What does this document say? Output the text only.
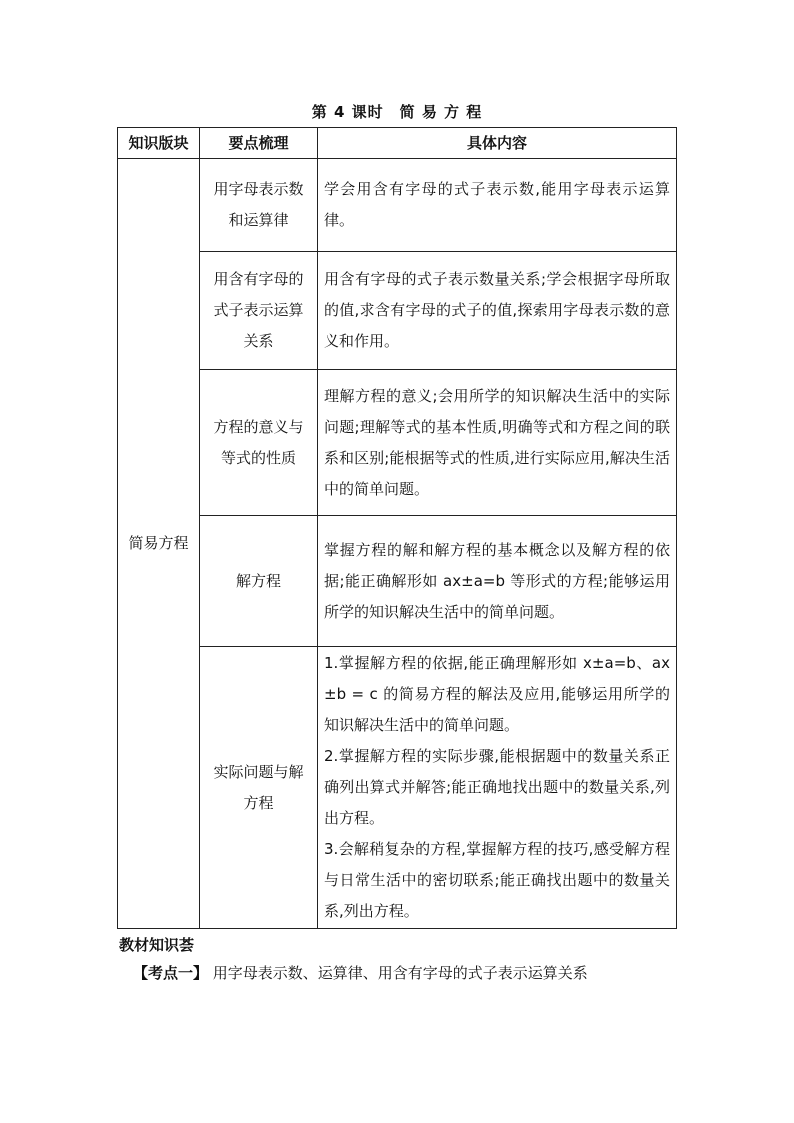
第 4 课时　简 易 方 程
知识版块	要点梳理	具体内容
简易方程	用字母表示数和运算律	学会用含有字母的式子表示数,能用字母表示运算律。

	用含有字母的式子表示运算关系	用含有字母的式子表示数量关系;学会根据字母所取的值,求含有字母的式子的值,探索用字母表示数的意义和作用。

	方程的意义与等式的性质	理解方程的意义;会用所学的知识解决生活中的实际问题;理解等式的基本性质,明确等式和方程之间的联系和区别;能根据等式的性质,进行实际应用,解决生活中的简单问题。

	解方程	掌握方程的解和解方程的基本概念以及解方程的依据;能正确解形如 ax±a=b 等形式的方程;能够运用所学的知识解决生活中的简单问题。

	实际问题与解方程	1.掌握解方程的依据,能正确理解形如 x±a=b、ax±b = c 的简易方程的解法及应用,能够运用所学的知识解决生活中的简单问题。

2.掌握解方程的实际步骤,能根据题中的数量关系正确列出算式并解答;能正确地找出题中的数量关系,列出方程。

3.会解稍复杂的方程,掌握解方程的技巧,感受解方程与日常生活中的密切联系;能正确找出题中的数量关系,列出方程。

教材知识荟
【考点一】 用字母表示数、运算律、用含有字母的式子表示运算关系
